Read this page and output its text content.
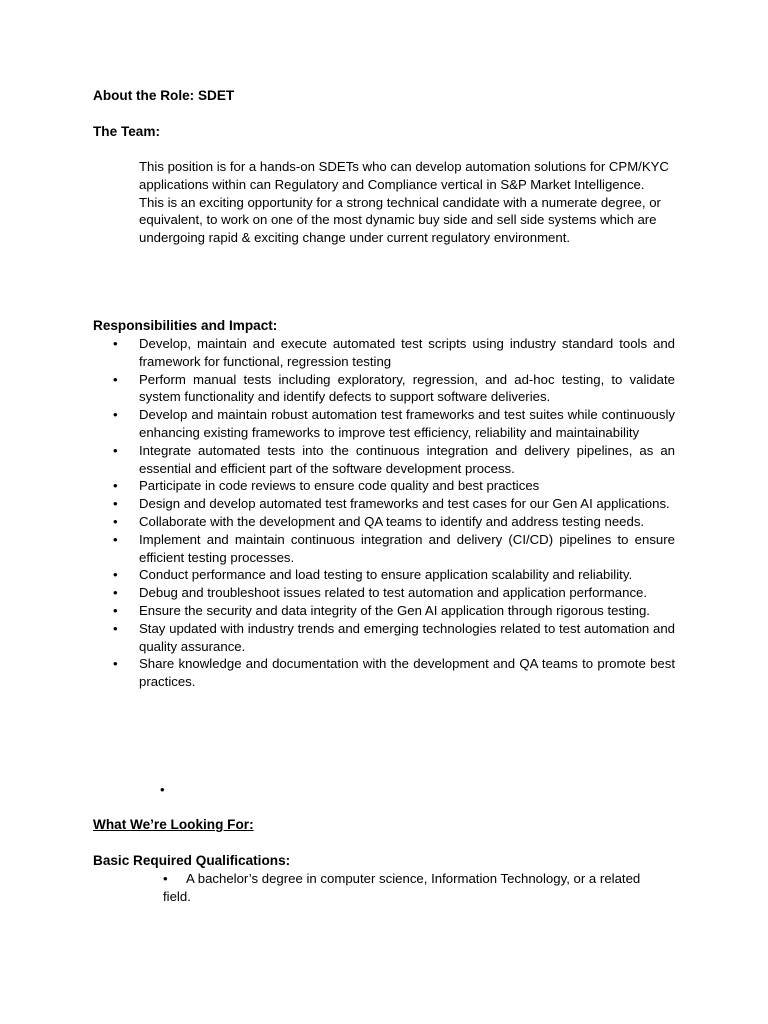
About the Role: SDET
The Team:

This position is for a hands-on SDETs who can develop automation solutions for CPM/KYC applications within can Regulatory and Compliance vertical in S&P Market Intelligence.

This is an exciting opportunity for a strong technical candidate with a numerate degree, or equivalent, to work on one of the most dynamic buy side and sell side systems which are undergoing rapid & exciting change under current regulatory environment.

Responsibilities and Impact:
• Develop, maintain and execute automated test scripts using industry standard tools and framework for functional, regression testing
• Perform manual tests including exploratory, regression, and ad-hoc testing, to validate system functionality and identify defects to support software deliveries.
• Develop and maintain robust automation test frameworks and test suites while continuously enhancing existing frameworks to improve test efficiency, reliability and maintainability
• Integrate automated tests into the continuous integration and delivery pipelines, as an essential and efficient part of the software development process.
• Participate in code reviews to ensure code quality and best practices
• Design and develop automated test frameworks and test cases for our Gen AI applications.
• Collaborate with the development and QA teams to identify and address testing needs.
• Implement and maintain continuous integration and delivery (CI/CD) pipelines to ensure efficient testing processes.
• Conduct performance and load testing to ensure application scalability and reliability.
• Debug and troubleshoot issues related to test automation and application performance.
• Ensure the security and data integrity of the Gen AI application through rigorous testing.
• Stay updated with industry trends and emerging technologies related to test automation and quality assurance.
• Share knowledge and documentation with the development and QA teams to promote best practices.
•
What We’re Looking For:
Basic Required Qualifications:
• A bachelor’s degree in computer science, Information Technology, or a related field.
